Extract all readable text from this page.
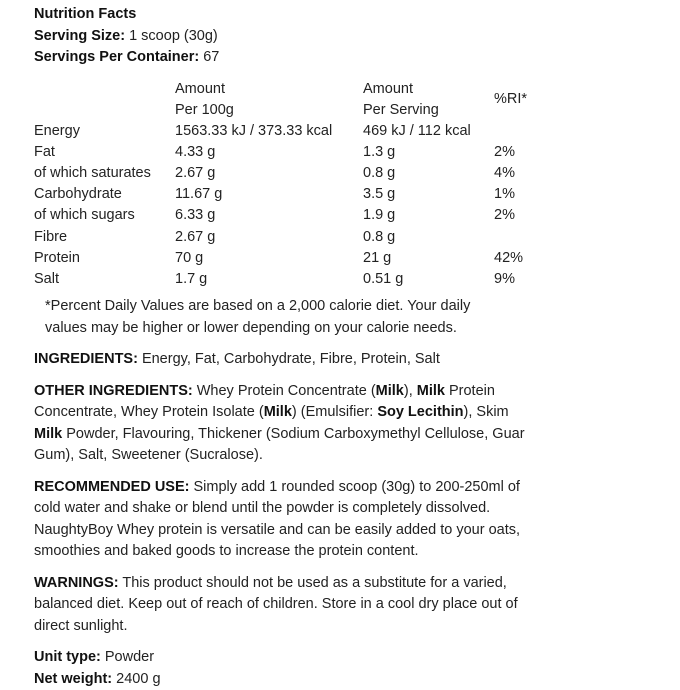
Nutrition Facts
Serving Size: 1 scoop (30g)
Servings Per Container: 67
	Amount	Amount	%RI*
	Per 100g	Per Serving	
Energy	1563.33 kJ / 373.33 kcal	469 kJ / 112 kcal	
Fat	4.33 g	1.3 g	2%
of which saturates	2.67 g	0.8 g	4%
Carbohydrate	11.67 g	3.5 g	1%
of which sugars	6.33 g	1.9 g	2%
Fibre	2.67 g	0.8 g	
Protein	70 g	21 g	42%
Salt	1.7 g	0.51 g	9%
*Percent Daily Values are based on a 2,000 calorie diet. Your daily values may be higher or lower depending on your calorie needs.
INGREDIENTS: Energy, Fat, Carbohydrate, Fibre, Protein, Salt
OTHER INGREDIENTS: Whey Protein Concentrate (Milk), Milk Protein Concentrate, Whey Protein Isolate (Milk) (Emulsifier: Soy Lecithin), Skim Milk Powder, Flavouring, Thickener (Sodium Carboxymethyl Cellulose, Guar Gum), Salt, Sweetener (Sucralose).
RECOMMENDED USE: Simply add 1 rounded scoop (30g) to 200-250ml of cold water and shake or blend until the powder is completely dissolved. NaughtyBoy Whey protein is versatile and can be easily added to your oats, smoothies and baked goods to increase the protein content.
WARNINGS: This product should not be used as a substitute for a varied, balanced diet. Keep out of reach of children. Store in a cool dry place out of direct sunlight.
Unit type: Powder
Net weight: 2400 g
